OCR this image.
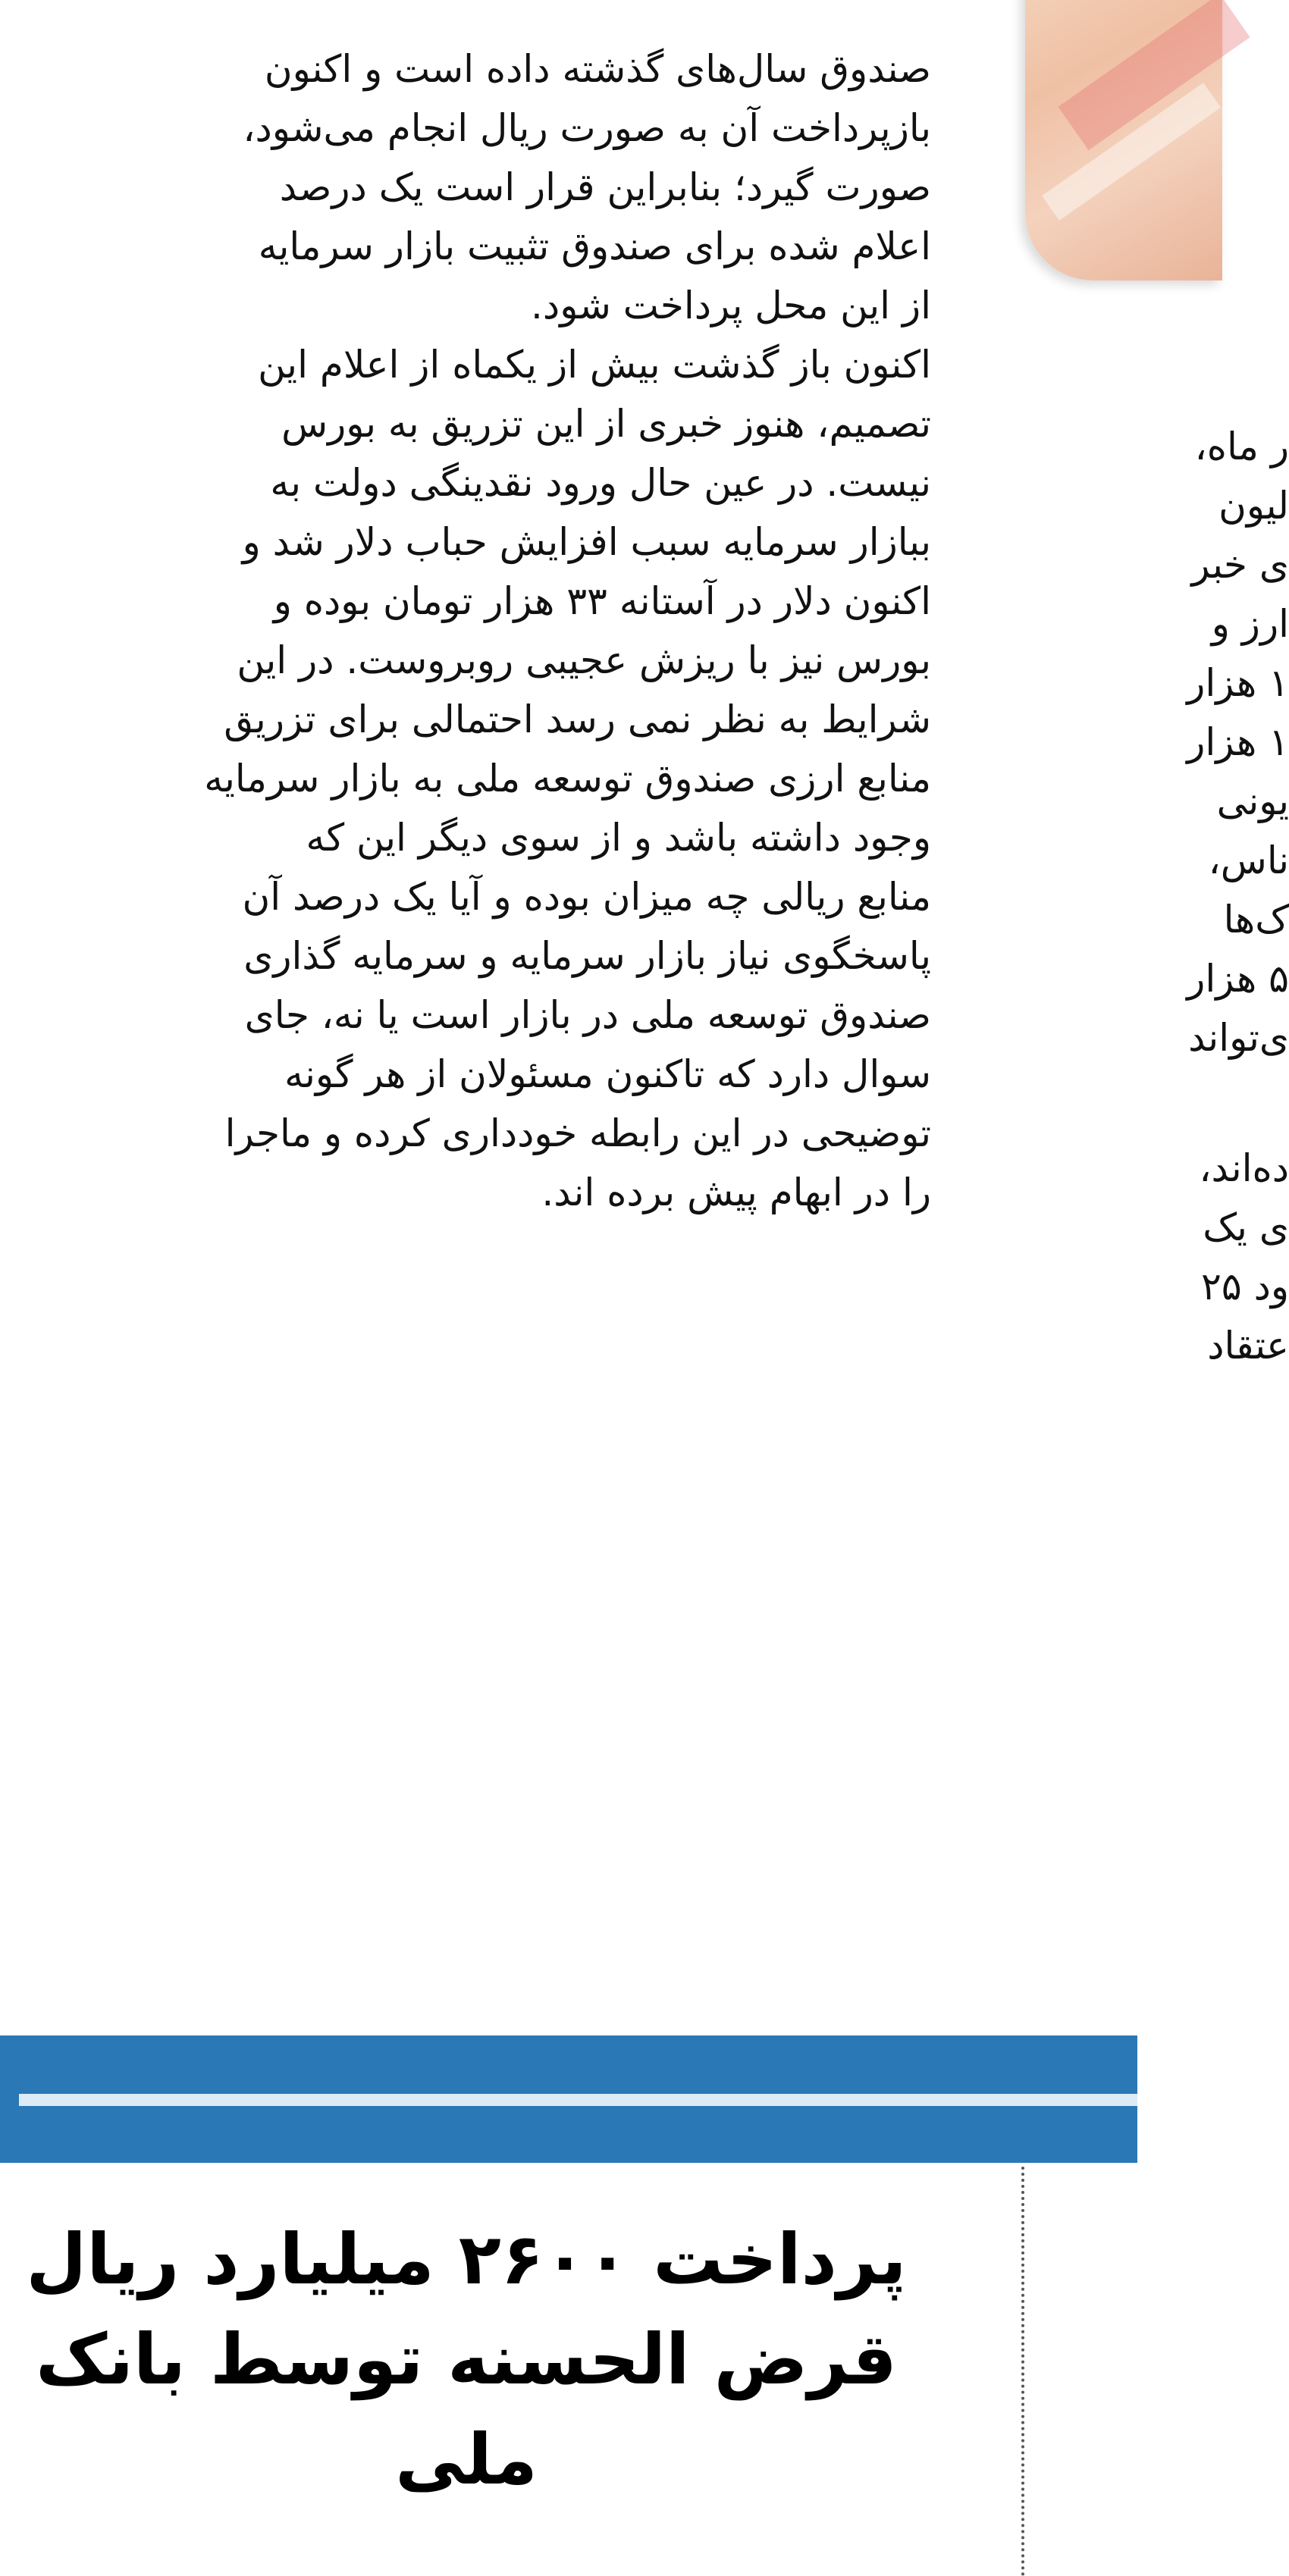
صندوق سال‌های گذشته داده است و اکنون

بازپرداخت آن به صورت ریال انجام می‌شود،

صورت گیرد؛ بنابراین قرار است یک درصد

اعلام شده برای صندوق تثبیت بازار سرمایه

از این محل پرداخت شود.

اکنون باز گذشت بیش از یکماه از اعلام این

تصمیم، هنوز خبری از این تزریق به بورس

نیست. در عین حال ورود نقدینگی دولت به

ببازار سرمایه سبب افزایش حباب دلار شد و

اکنون دلار در آستانه ۳۳ هزار تومان بوده و

بورس نیز با ریزش عجیبی روبروست. در این

شرایط به نظر نمی رسد احتمالی برای تزریق

منابع ارزی صندوق توسعه ملی به بازار سرمایه

وجود داشته باشد و از سوی دیگر این که

منابع ریالی چه میزان بوده و آیا یک درصد آن

پاسخگوی نیاز بازار سرمایه و سرمایه گذاری

صندوق توسعه ملی در بازار است یا نه، جای

سوال دارد که تاکنون مسئولان از هر گونه

توضیحی در این رابطه خودداری کرده و ماجرا

را در ابهام پیش برده اند.

ر ماه،
لیون
ی خبر
ارز و
۱ هزار
۱ هزار
یونی
ناس،
ک‌ها
۵ هزار
ی‌تواند
ده‌اند،
ی یک
ود ۲۵
عتقاد
پرداخت ۲۶۰۰ میلیارد ریال
قرض الحسنه توسط بانک ملی
